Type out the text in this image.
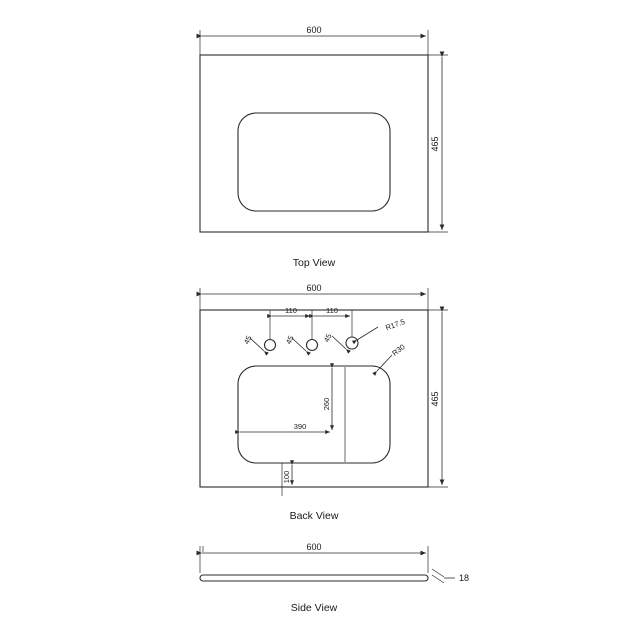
600
465
Top View
600
110	110
45	45	45
R17.5
R30
260
390
100
465
Back View
600
18
Side View
